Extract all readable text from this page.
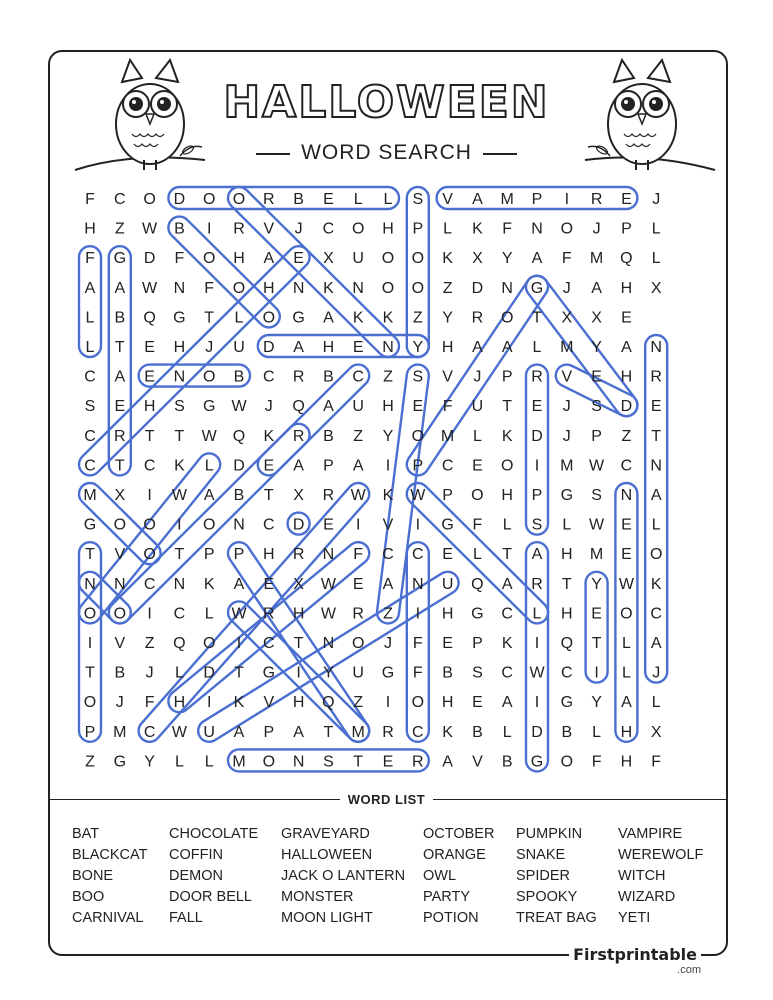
HALLOWEEN
WORD SEARCH
F C O D O O R B E L L S V A M P I R E J
H Z W B I R V J C O H P L K F N O J P L
F G D F O H A E X U O O K X Y A F M Q L
A A W N F O H N K N O O Z D N G J A H X
L B Q G T L O G A K K Z Y R O T X X E
L T E H J U D A H E N Y H A A L M Y A N
C A E N O B C R B C Z S V J P R V E H R
S E H S G W J Q A U H E F U T E J S D E
C R T T W Q K R B Z Y O M L K D J P Z T
C T C K L D E A P A I P C E O I M W C N
M X I W A B T X R W K W P O H P G S N A
G O O I O N C D E I V I G F L S L W E L
T V O T P P H R N F C C E L T A H M E O
N N C N K A E X W E A N U Q A R T Y W K
O O I C L W R H W R Z I H G C L H E O C
I V Z Q O I C T N O J F E P K I Q T L A
T B J L D T G I Y U G F B S C W C I L J
O J F H I K V H Q Z I O H E A I G Y A L
P M C W U A P A T M R C K B L D B L H X
Z G Y L L M O N S T E R A V B G O F H F
WORD LIST
BAT
BLACKCAT
BONE
BOO
CARNIVAL
CHOCOLATE
COFFIN
DEMON
DOOR BELL
FALL
GRAVEYARD
HALLOWEEN
JACK O LANTERN
MONSTER
MOON LIGHT
OCTOBER
ORANGE
OWL
PARTY
POTION
PUMPKIN
SNAKE
SPIDER
SPOOKY
TREAT BAG
VAMPIRE
WEREWOLF
WITCH
WIZARD
YETI
Firstprintable
.com
